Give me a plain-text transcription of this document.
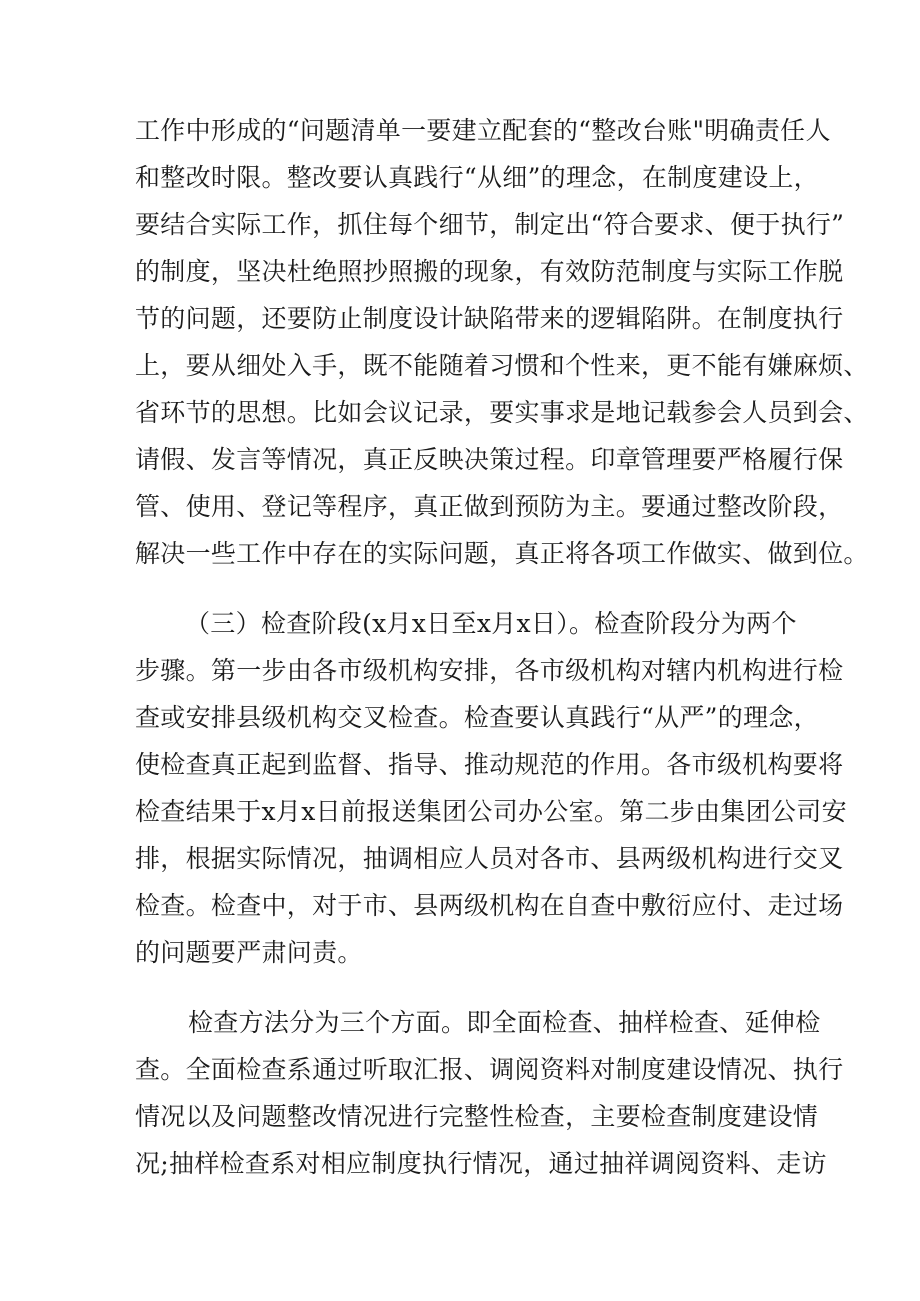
工作中形成的“问题清单一要建立配套的“整改台账"明确责任人
和整改时限。整改要认真践行“从细”的理念，在制度建设上，
要结合实际工作，抓住每个细节，制定出“符合要求、便于执行”
的制度，坚决杜绝照抄照搬的现象，有效防范制度与实际工作脱
节的问题，还要防止制度设计缺陷带来的逻辑陷阱。在制度执行
上，要从细处入手，既不能随着习惯和个性来，更不能有嫌麻烦、
省环节的思想。比如会议记录，要实事求是地记载参会人员到会、
请假、发言等情况，真正反映决策过程。印章管理要严格履行保
管、使用、登记等程序，真正做到预防为主。要通过整改阶段，
解决一些工作中存在的实际问题，真正将各项工作做实、做到位。
（三）检查阶段(x月x日至x月x日）。检查阶段分为两个
步骤。第一步由各市级机构安排，各市级机构对辖内机构进行检
查或安排县级机构交叉检查。检查要认真践行“从严”的理念，
使检查真正起到监督、指导、推动规范的作用。各市级机构要将
检查结果于x月x日前报送集团公司办公室。第二步由集团公司安
排，根据实际情况，抽调相应人员对各市、县两级机构进行交叉
检查。检查中，对于市、县两级机构在自查中敷衍应付、走过场
的问题要严肃问责。
检查方法分为三个方面。即全面检查、抽样检查、延伸检
查。全面检查系通过听取汇报、调阅资料对制度建设情况、执行
情况以及问题整改情况进行完整性检查，主要检查制度建设情
况;抽样检查系对相应制度执行情况，通过抽祥调阅资料、走访
